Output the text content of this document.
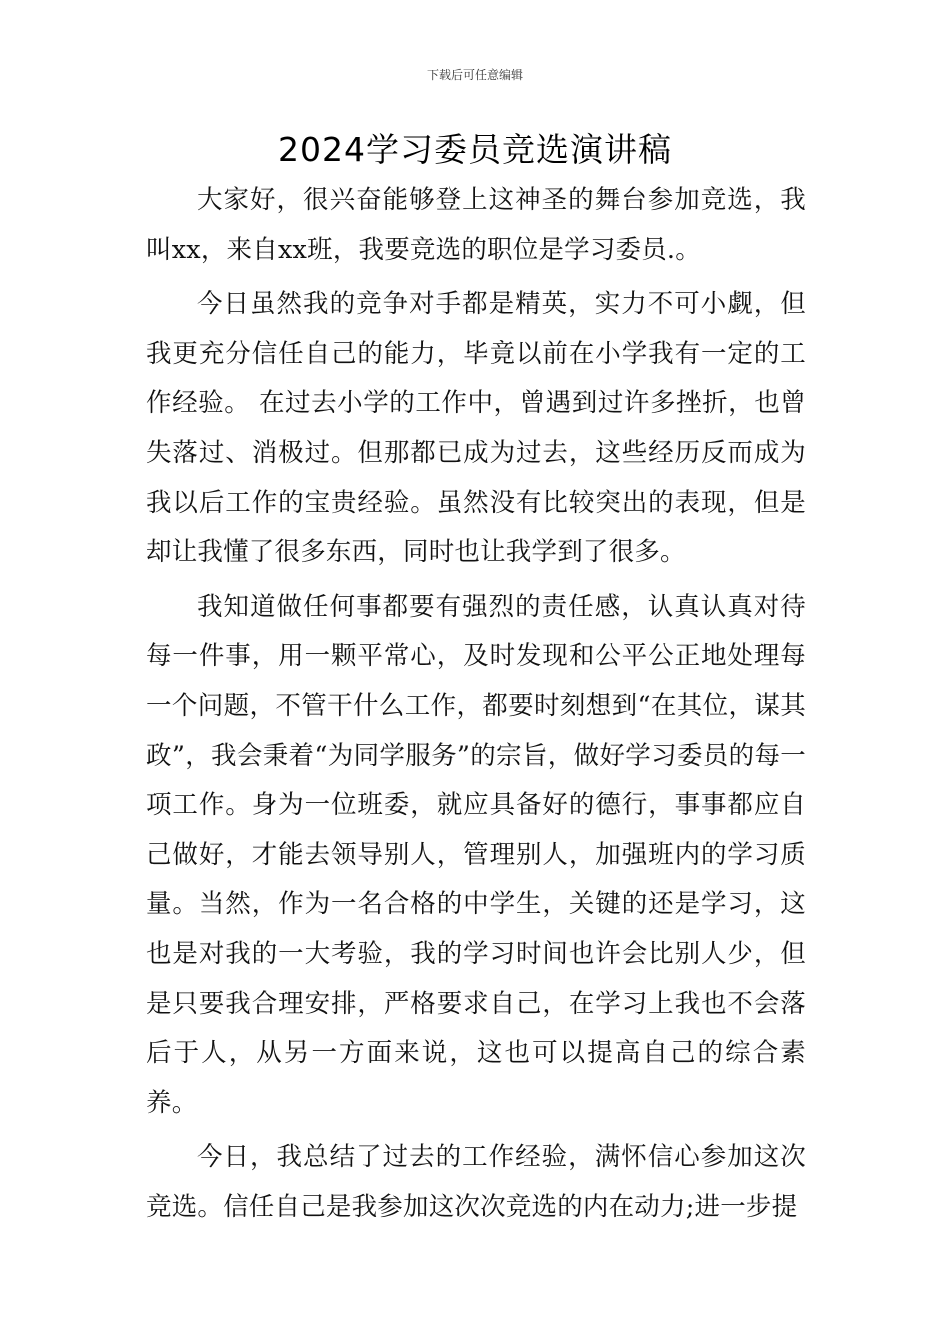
下载后可任意编辑
2024学习委员竞选演讲稿

大家好，很兴奋能够登上这神圣的舞台参加竞选，我叫xx，来自xx班，我要竞选的职位是学习委员.。

今日虽然我的竞争对手都是精英，实力不可小觑，但我更充分信任自己的能力，毕竟以前在小学我有一定的工作经验。 在过去小学的工作中，曾遇到过许多挫折，也曾失落过、消极过。但那都已成为过去，这些经历反而成为我以后工作的宝贵经验。虽然没有比较突出的表现，但是却让我懂了很多东西，同时也让我学到了很多。

我知道做任何事都要有强烈的责任感，认真认真对待每一件事，用一颗平常心，及时发现和公平公正地处理每一个问题，不管干什么工作，都要时刻想到“在其位，谋其政”，我会秉着“为同学服务”的宗旨，做好学习委员的每一项工作。身为一位班委，就应具备好的德行，事事都应自己做好，才能去领导别人，管理别人，加强班内的学习质量。当然，作为一名合格的中学生，关键的还是学习，这也是对我的一大考验，我的学习时间也许会比别人少，但是只要我合理安排，严格要求自己，在学习上我也不会落后于人，从另一方面来说，这也可以提高自己的综合素养。

今日，我总结了过去的工作经验，满怀信心参加这次竞选。信任自己是我参加这次次竞选的内在动力;进一步提
